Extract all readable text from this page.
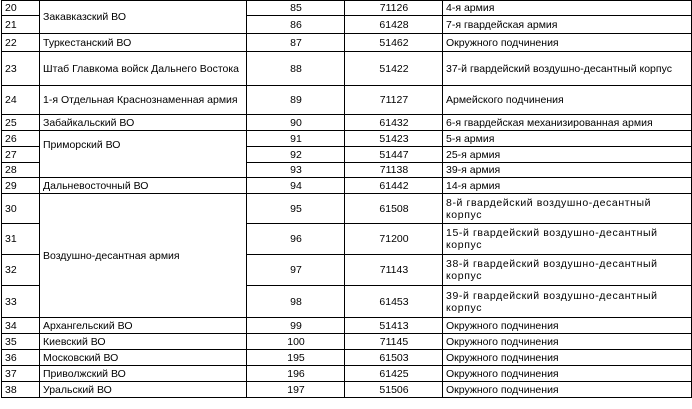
20	Закавказский ВО	85	71126	4-я армия
21		86	61428	7-я гвардейская армия
22	Туркестанский ВО	87	51462	Окружного подчинения
23	Штаб Главкома войск Дальнего Востока	88	51422	37-й гвардейский воздушно-десантный корпус
24	1-я Отдельная Краснознаменная армия	89	71127	Армейского подчинения
25	Забайкальский ВО	90	61432	6-я гвардейская механизированная армия
26	Приморский ВО	91	51423	5-я армия
27		92	51447	25-я армия
28		93	71138	39-я армия
29	Дальневосточный ВО	94	61442	14-я армия
30	Воздушно-десантная армия	95	61508	8-й гвардейский воздушно-десантный корпус
31		96	71200	15-й гвардейский воздушно-десантный корпус
32		97	71143	38-й гвардейский воздушно-десантный корпус
33		98	61453	39-й гвардейский воздушно-десантный корпус
34	Архангельский ВО	99	51413	Окружного подчинения
35	Киевский ВО	100	71145	Окружного подчинения
36	Московский ВО	195	61503	Окружного подчинения
37	Приволжский ВО	196	61425	Окружного подчинения
38	Уральский ВО	197	51506	Окружного подчинения
